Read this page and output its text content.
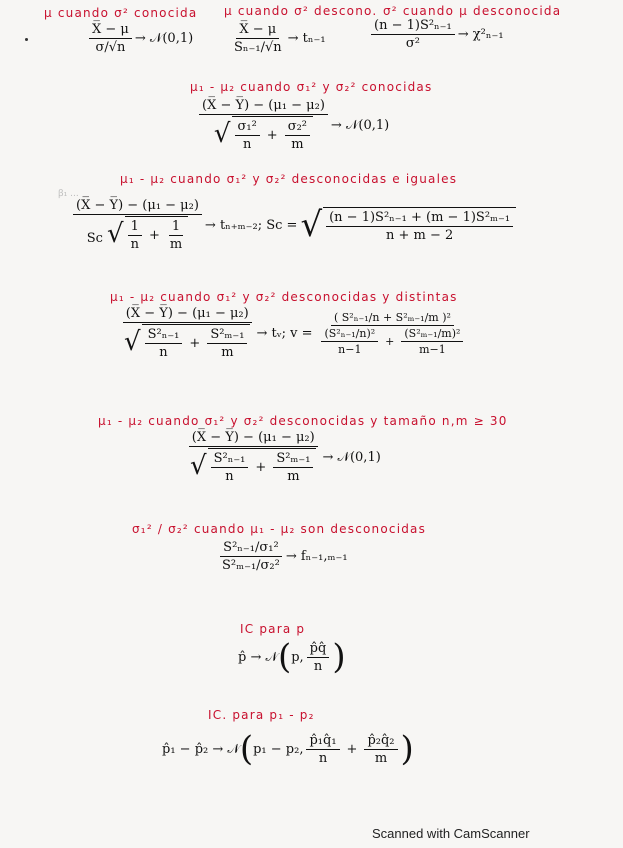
μ cuando σ² conocida μ cuando σ² descono. σ² cuando μ desconocida
$\frac{X̅ - \mu}{\sigma/√n}$ → 𝒩(0,1)	$\frac{X̅ - \mu}{\text{Sₙ₋₁/√n}} \to t_{n-1}$	$\frac{\text{(n − 1)S²ₙ₋₁}}{\text{σ²}} \to \chi^2_{n-1}$
μ₁ - μ₂ cuando σ₁² y σ₂² conocidas
(X̅ − Y̅) − (μ₁ − μ₂)
√ $\frac{\text{σ₁²}}{n} + \frac{\text{σ₂²}}{m}$ → 𝒩(0,1)
ꞵ₁ ...
μ₁ - μ₂ cuando σ₁² y σ₂² desconocidas e iguales
(X̅ − Y̅) − (μ₁ − μ₂)
Sc √ $\frac{1}{n} + \frac{1}{m} \to t_{n+m-2}$; Sc = √ $\frac{\text{(n − 1)S²ₙ₋₁ + (m − 1)S²ₘ₋₁}}{n + m - 2}$
μ₁ - μ₂ cuando σ₁² y σ₂² desconocidas y distintas
(X̅ − Y̅) − (μ₁ − μ₂)
√ $\frac{\text{S²ₙ₋₁}}{n} + \frac{\text{S²ₘ₋₁}}{m}$ → tᵥ; v =
( S²ₙ₋₁/n + S²ₘ₋₁/m )²
$\frac{\text{(S²ₙ₋₁/n)²}}{n-1} + \frac{\text{(S²ₘ₋₁/m)²}}{m-1}$
μ₁ - μ₂ cuando σ₁² y σ₂² desconocidas y tamaño n,m ≥ 30
(X̅ − Y̅) − (μ₁ − μ₂)
√ $\frac{\text{S²ₙ₋₁}}{n} + \frac{\text{S²ₘ₋₁}}{m}$ → 𝒩(0,1)
σ₁² / σ₂² cuando μ₁ - μ₂ son desconocidas
$\frac{\text{S²ₙ₋₁/σ₁²}}{\text{S²ₘ₋₁/σ₂²}} \to f_{n-1},_{m-1}$
IC para p
p̂ → 𝒩 ( p, $\frac{p̂q̂}{n}$ )
IC. para p₁ - p₂
p̂₁ − p̂₂ → 𝒩 ( p₁ − p₂, $\frac{\text{p̂₁q̂₁}}{n} + \frac{\text{p̂₂q̂₂}}{m}$ )
Scanned with CamScanner
